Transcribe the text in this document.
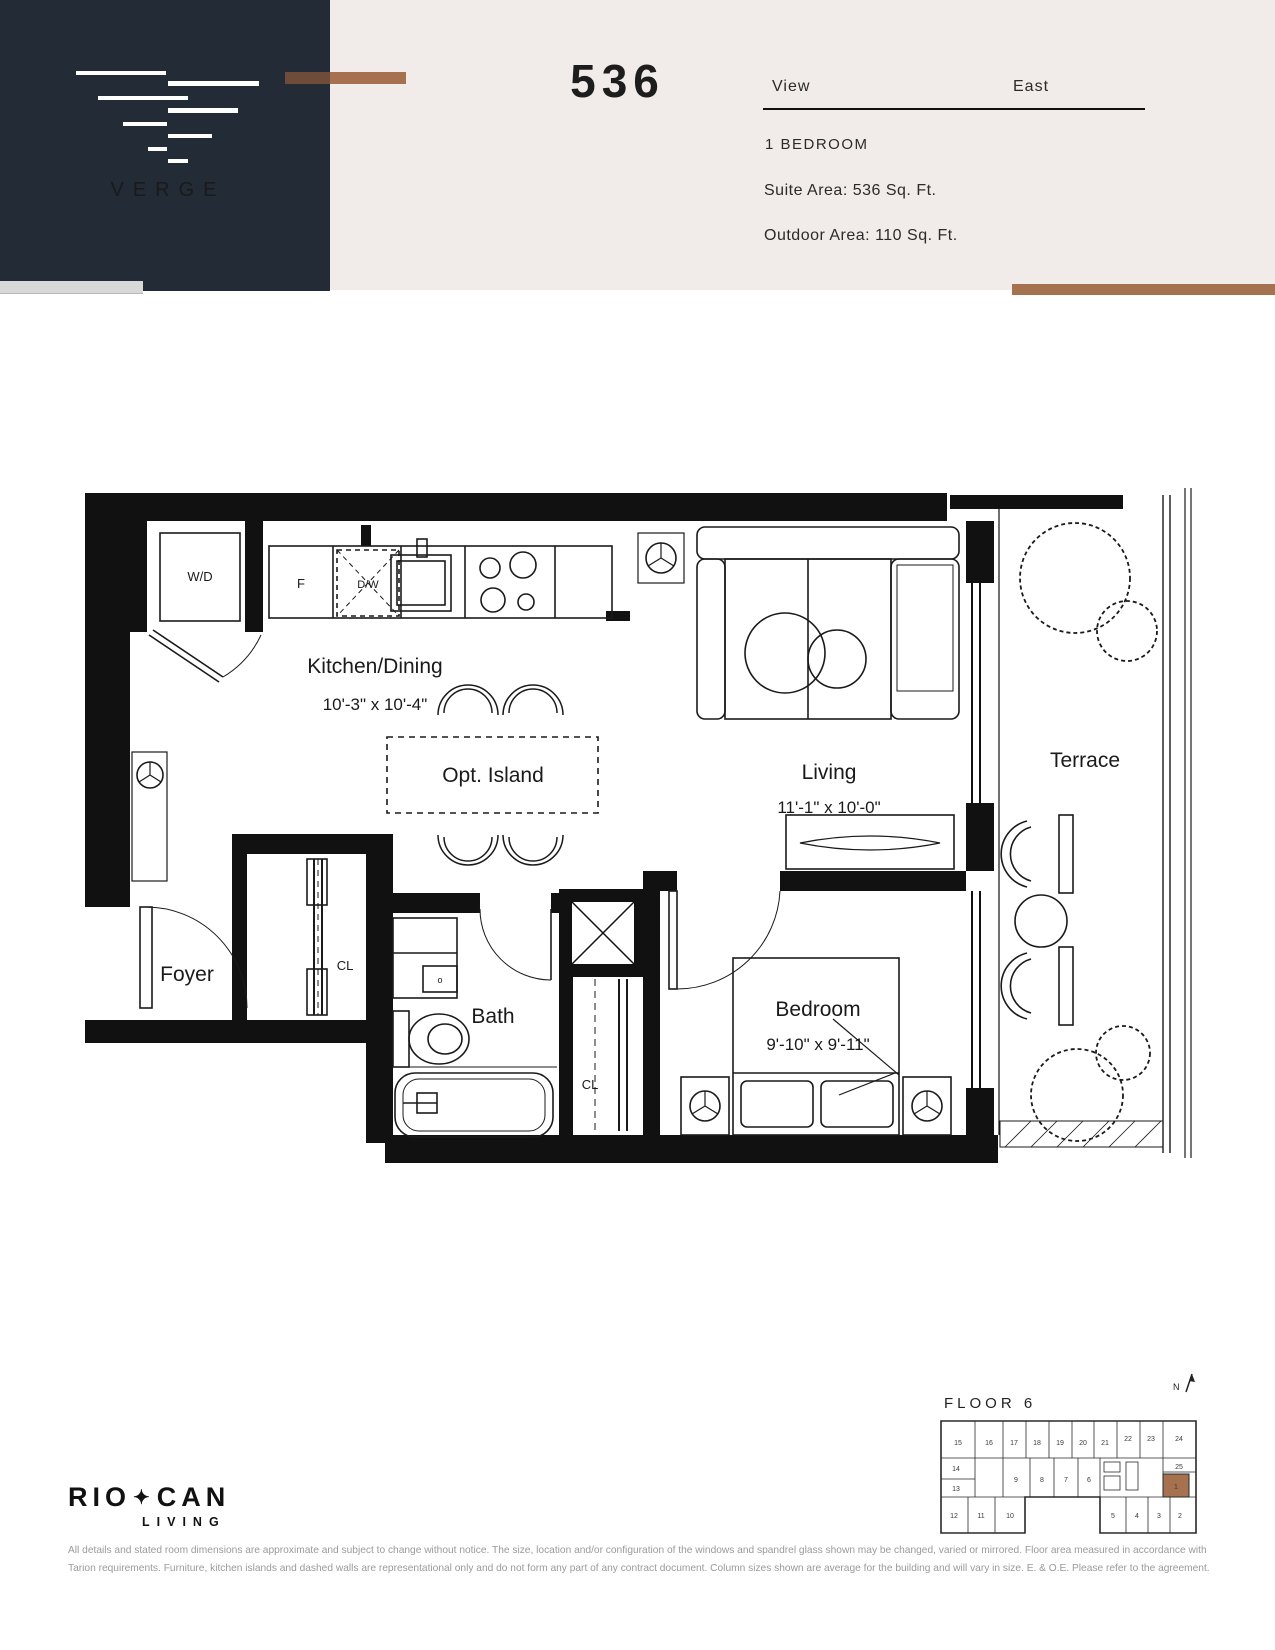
VERGE
536	View	East
1 BEDROOM
Suite Area: 536 Sq. Ft.
Outdoor Area: 110 Sq. Ft.
W/D	F	D/W
Kitchen/Dining
10'-3" x 10'-4"
Opt. Island	Living
11'-1" x 10'-0"
Terrace
Foyer	CL
Bath
o
CL
Bedroom
9'-10" x 9'-11"
FLOOR 6
N
15	16 17 18 19 20 21
22 23	24
14
13
9	8	7	6
25
1
12	11	10	5	4	3 2
RIO ✦ CAN
LIVING
All details and stated room dimensions are approximate and subject to change without notice. The size, location and/or configuration of the windows and spandrel glass shown may be changed, varied or mirrored. Floor area measured in accordance with
Tarion requirements. Furniture, kitchen islands and dashed walls are representational only and do not form any part of any contract document. Column sizes shown are average for the building and will vary in size. E. & O.E. Please refer to the agreement.
